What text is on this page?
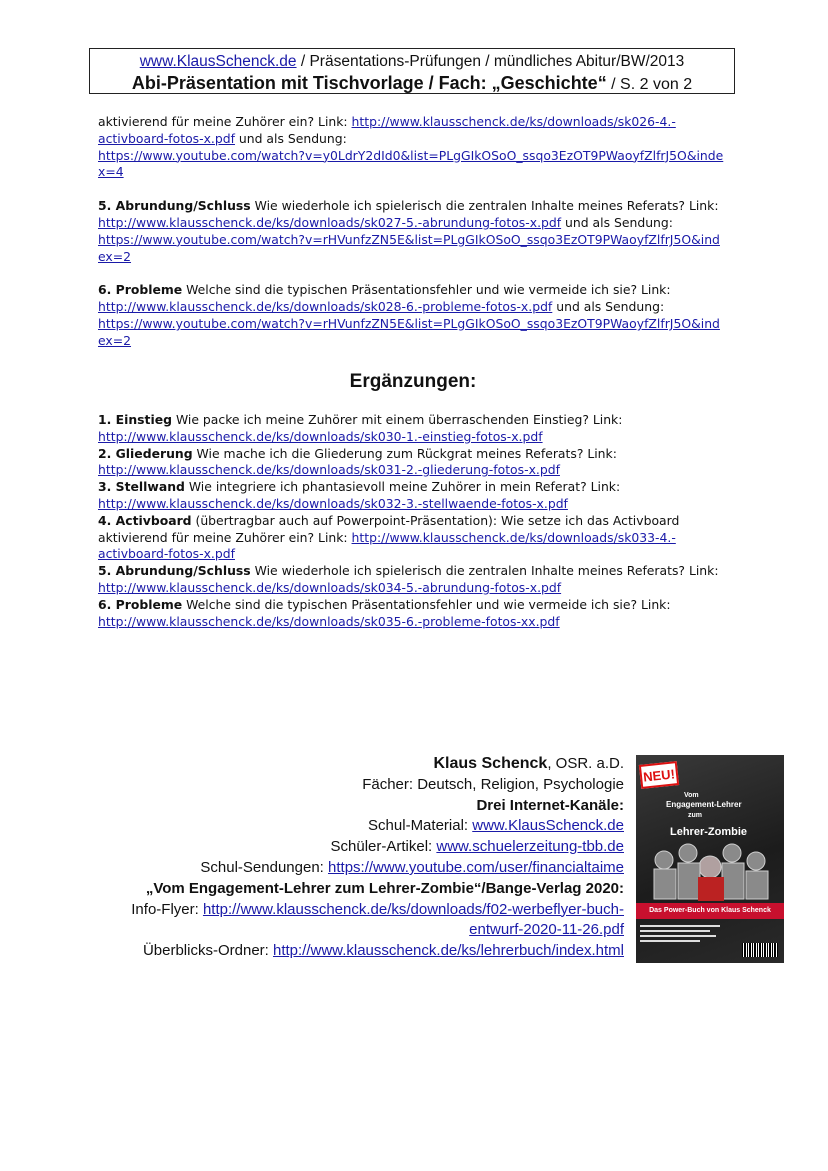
www.KlausSchenck.de / Präsentations-Prüfungen / mündliches Abitur/BW/2013
Abi-Präsentation mit Tischvorlage / Fach: „Geschichte“ / S. 2 von 2

aktivierend für meine Zuhörer ein? Link: http://www.klausschenck.de/ks/downloads/sk026-4.-
activboard-fotos-x.pdf und als Sendung:
https://www.youtube.com/watch?v=y0LdrY2dId0&list=PLgGIkOSoO_ssqo3EzOT9PWaoyfZlfrJ5O&inde
x=4

5. Abrundung/Schluss Wie wiederhole ich spielerisch die zentralen Inhalte meines Referats? Link:
http://www.klausschenck.de/ks/downloads/sk027-5.-abrundung-fotos-x.pdf und als Sendung:
https://www.youtube.com/watch?v=rHVunfzZN5E&list=PLgGIkOSoO_ssqo3EzOT9PWaoyfZlfrJ5O&ind
ex=2

6. Probleme Welche sind die typischen Präsentationsfehler und wie vermeide ich sie? Link:
http://www.klausschenck.de/ks/downloads/sk028-6.-probleme-fotos-x.pdf und als Sendung:
https://www.youtube.com/watch?v=rHVunfzZN5E&list=PLgGIkOSoO_ssqo3EzOT9PWaoyfZlfrJ5O&ind
ex=2

Ergänzungen:
1. Einstieg Wie packe ich meine Zuhörer mit einem überraschenden Einstieg? Link:
http://www.klausschenck.de/ks/downloads/sk030-1.-einstieg-fotos-x.pdf
2. Gliederung Wie mache ich die Gliederung zum Rückgrat meines Referats? Link:
http://www.klausschenck.de/ks/downloads/sk031-2.-gliederung-fotos-x.pdf
3. Stellwand Wie integriere ich phantasievoll meine Zuhörer in mein Referat? Link:
http://www.klausschenck.de/ks/downloads/sk032-3.-stellwaende-fotos-x.pdf
4. Activboard (übertragbar auch auf Powerpoint-Präsentation): Wie setze ich das Activboard aktivierend für meine Zuhörer ein? Link: http://www.klausschenck.de/ks/downloads/sk033-4.-
activboard-fotos-x.pdf
5. Abrundung/Schluss Wie wiederhole ich spielerisch die zentralen Inhalte meines Referats? Link:
http://www.klausschenck.de/ks/downloads/sk034-5.-abrundung-fotos-x.pdf
6. Probleme Welche sind die typischen Präsentationsfehler und wie vermeide ich sie? Link:
http://www.klausschenck.de/ks/downloads/sk035-6.-probleme-fotos-xx.pdf
Klaus Schenck, OSR. a.D.
Fächer: Deutsch, Religion, Psychologie
Drei Internet-Kanäle:
Schul-Material: www.KlausSchenck.de
Schüler-Artikel: www.schuelerzeitung-tbb.de
Schul-Sendungen: https://www.youtube.com/user/financialtaime
„Vom Engagement-Lehrer zum Lehrer-Zombie“/Bange-Verlag 2020:
Info-Flyer: http://www.klausschenck.de/ks/downloads/f02-werbeflyer-buch-
entwurf-2020-11-26.pdf
Überblicks-Ordner: http://www.klausschenck.de/ks/lehrerbuch/index.html
NEU!
Vom
Engagement-Lehrer
zum
Lehrer-Zombie
Das Power-Buch von Klaus Schenck
